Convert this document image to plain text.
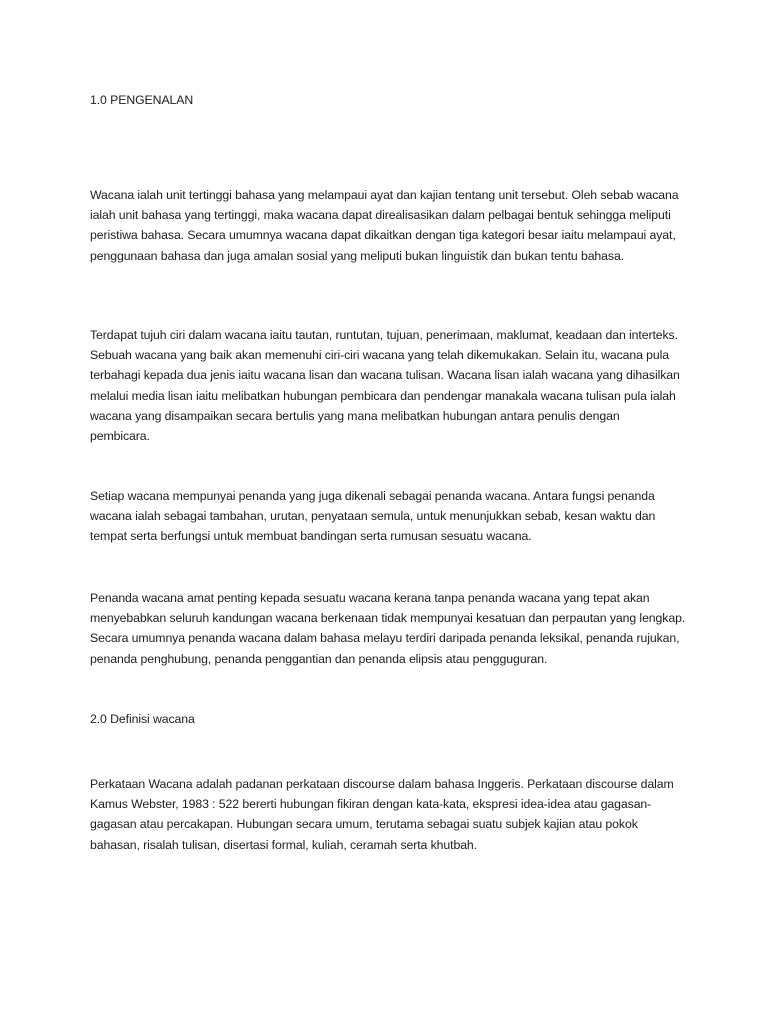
1.0 PENGENALAN

Wacana ialah unit tertinggi bahasa yang melampaui ayat dan kajian tentang unit tersebut. Oleh sebab wacana ialah unit bahasa yang tertinggi, maka wacana dapat direalisasikan dalam pelbagai bentuk sehingga meliputi peristiwa bahasa. Secara umumnya wacana dapat dikaitkan dengan tiga kategori besar iaitu melampaui ayat, penggunaan bahasa dan juga amalan sosial yang meliputi bukan linguistik dan bukan tentu bahasa.

Terdapat tujuh ciri dalam wacana iaitu tautan, runtutan, tujuan, penerimaan, maklumat, keadaan dan interteks. Sebuah wacana yang baik akan memenuhi ciri-ciri wacana yang telah dikemukakan. Selain itu, wacana pula terbahagi kepada dua jenis iaitu wacana lisan dan wacana tulisan. Wacana lisan ialah wacana yang dihasilkan melalui media lisan iaitu melibatkan hubungan pembicara dan pendengar manakala wacana tulisan pula ialah wacana yang disampaikan secara bertulis yang mana melibatkan hubungan antara penulis dengan pembicara.

Setiap wacana mempunyai penanda yang juga dikenali sebagai penanda wacana. Antara fungsi penanda wacana ialah sebagai tambahan, urutan, penyataan semula, untuk menunjukkan sebab, kesan waktu dan tempat serta berfungsi untuk membuat bandingan serta rumusan sesuatu wacana.

Penanda wacana amat penting kepada sesuatu wacana kerana tanpa penanda wacana yang tepat akan menyebabkan seluruh kandungan wacana berkenaan tidak mempunyai kesatuan dan perpautan yang lengkap. Secara umumnya penanda wacana dalam bahasa melayu terdiri daripada penanda leksikal, penanda rujukan, penanda penghubung, penanda penggantian dan penanda elipsis atau pengguguran.

2.0 Definisi wacana

Perkataan Wacana adalah padanan perkataan discourse dalam bahasa Inggeris. Perkataan discourse dalam Kamus Webster, 1983 : 522 bererti hubungan fikiran dengan kata-kata, ekspresi idea-idea atau gagasan-gagasan atau percakapan. Hubungan secara umum, terutama sebagai suatu subjek kajian atau pokok bahasan, risalah tulisan, disertasi formal, kuliah, ceramah serta khutbah.
